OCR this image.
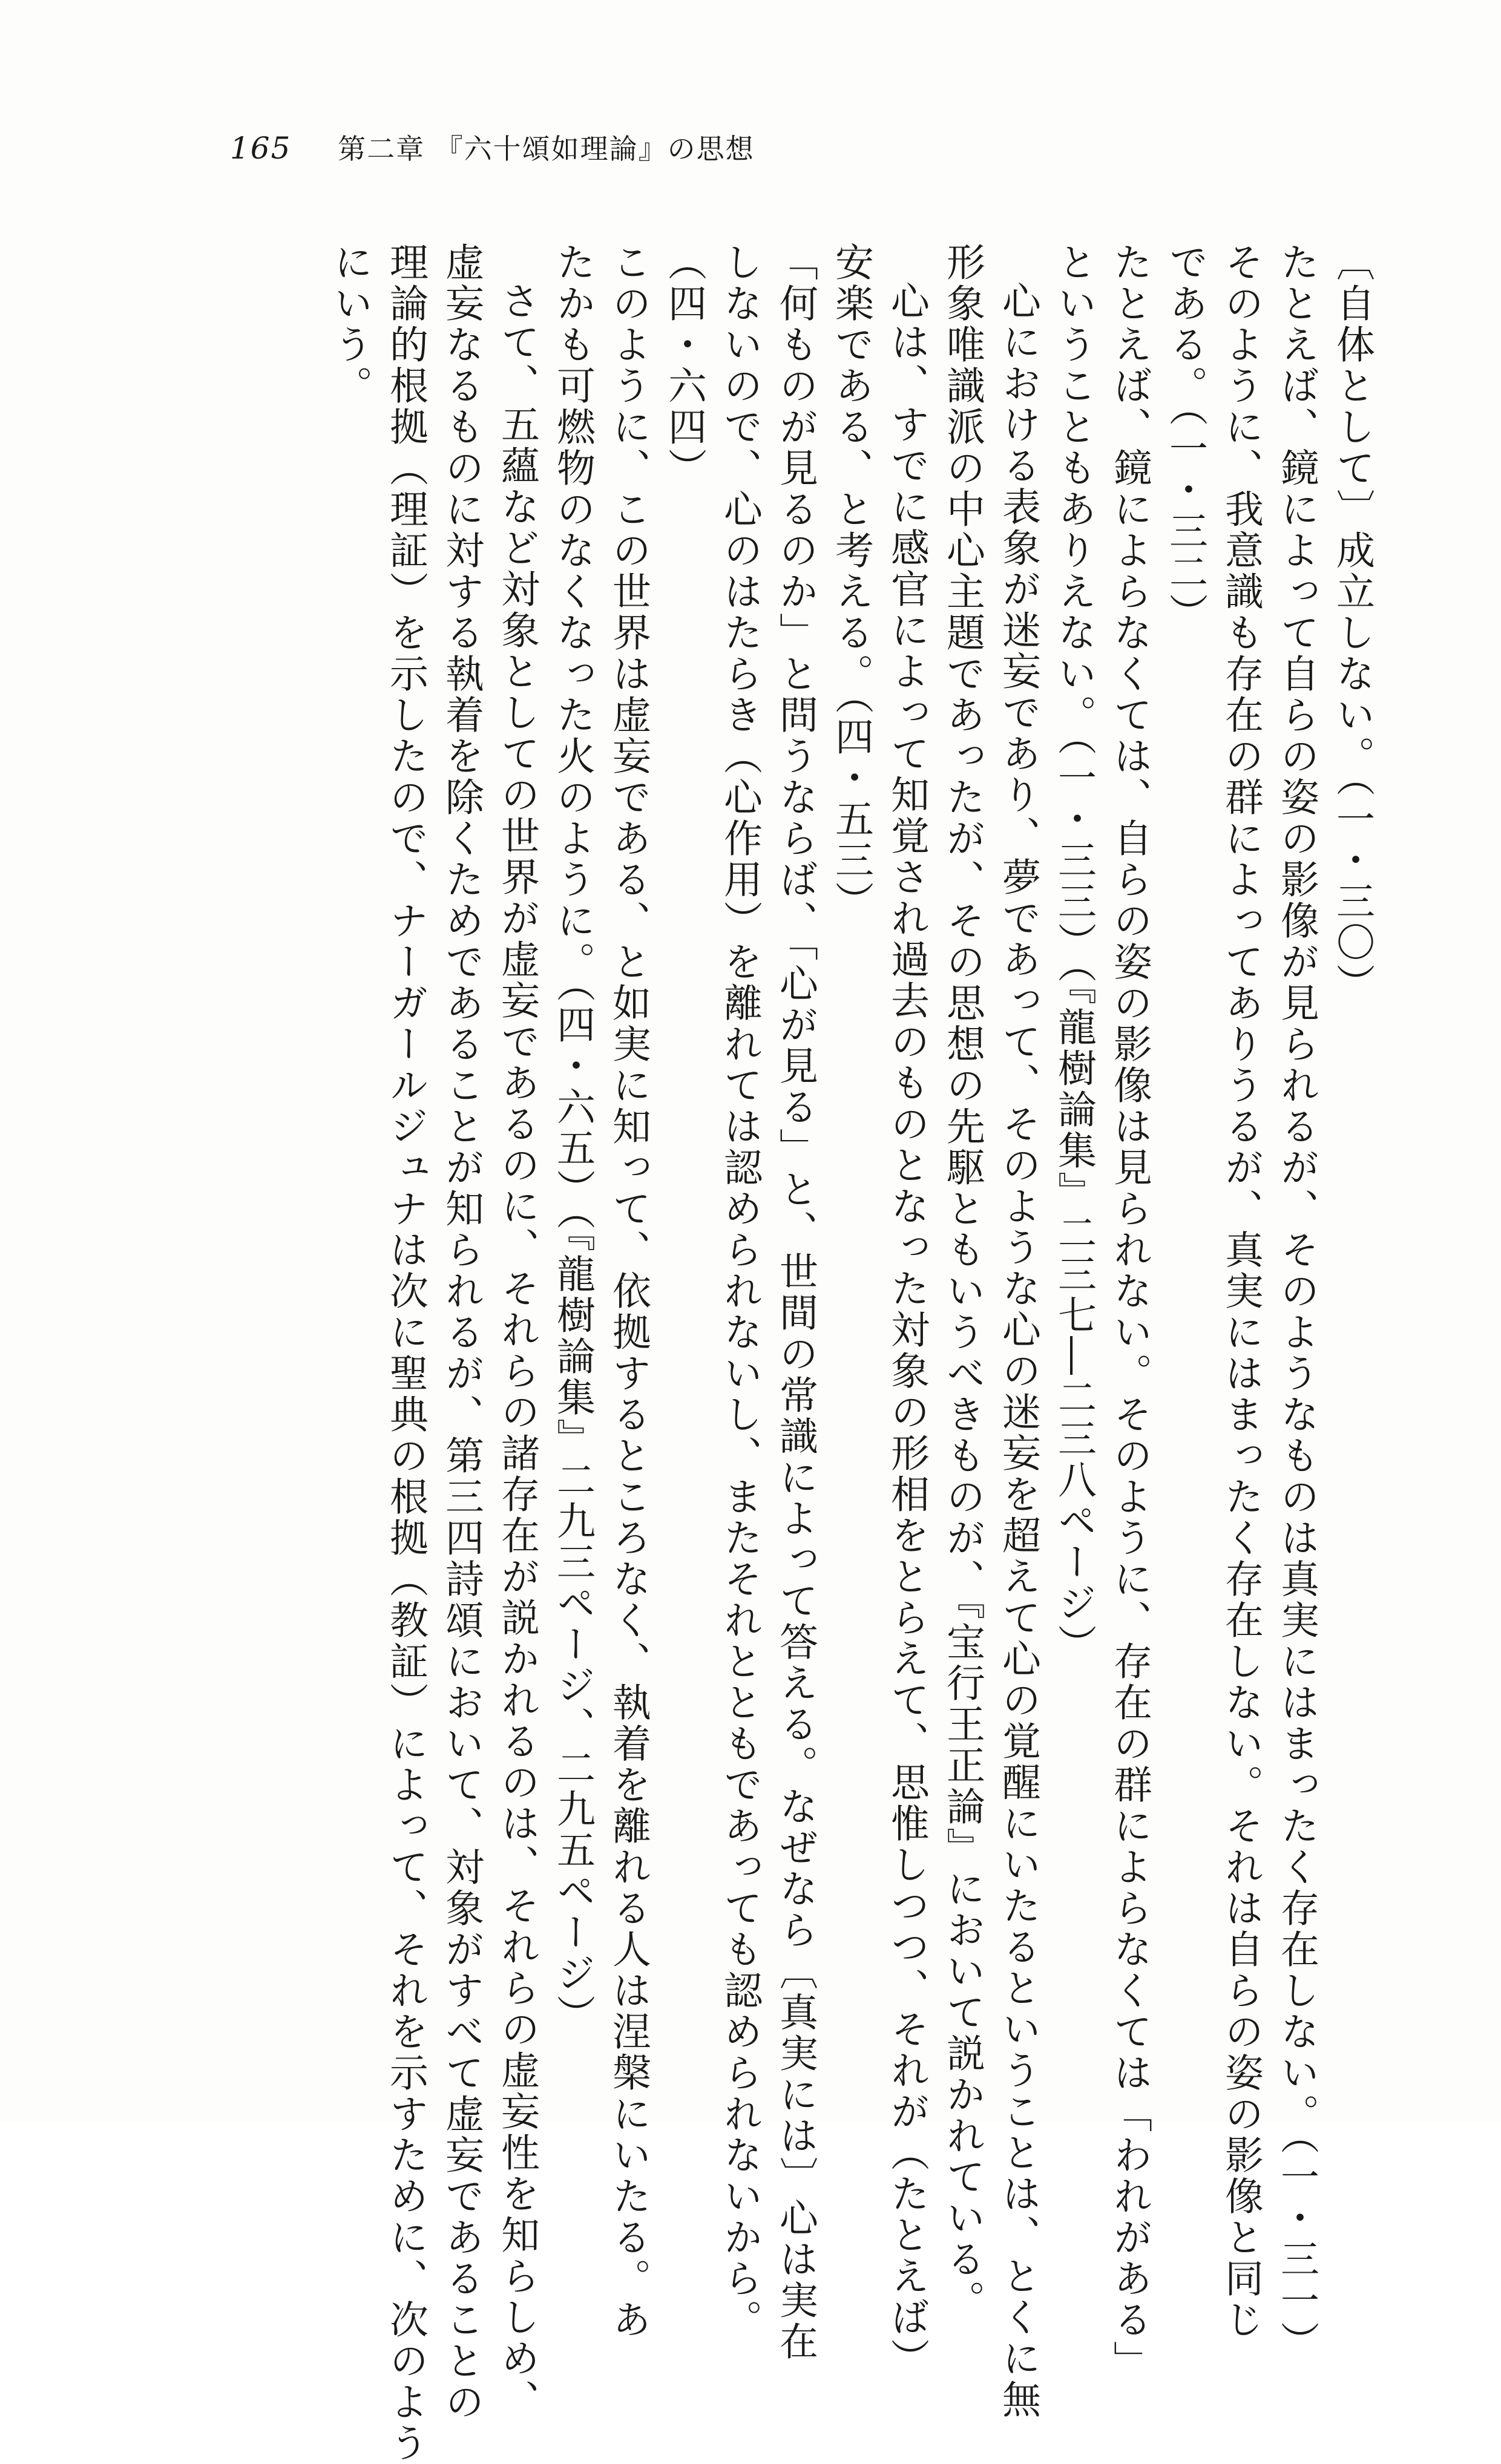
165 第二章 『六十頌如理論』の思想
〔自体として〕成立しない。（一・三〇）
たとえば、鏡によって自らの姿の影像が見られるが、そのようなものは真実にはまったく存在しない。（一・三一）
そのように、我意識も存在の群によってありうるが、真実にはまったく存在しない。それは自らの姿の影像と同じ
である。（一・三二）
たとえば、鏡によらなくては、自らの姿の影像は見られない。そのように、存在の群によらなくては「われがある」
ということもありえない。（一・三三）（『龍樹論集』二三七―二三八ページ）
心における表象が迷妄であり、夢であって、そのような心の迷妄を超えて心の覚醒にいたるということは、とくに無
形象唯識派の中心主題であったが、その思想の先駆ともいうべきものが、『宝行王正論』において説かれている。
心は、すでに感官によって知覚され過去のものとなった対象の形相をとらえて、思惟しつつ、それが（たとえば）
安楽である、と考える。（四・五三）
「何ものが見るのか」と問うならば、「心が見る」と、世間の常識によって答える。なぜなら〔真実には〕心は実在
しないので、心のはたらき（心作用）を離れては認められないし、またそれとともであっても認められないから。
（四・六四）
このように、この世界は虚妄である、と如実に知って、依拠するところなく、執着を離れる人は涅槃にいたる。あ
たかも可燃物のなくなった火のように。（四・六五）（『龍樹論集』二九三ページ、二九五ページ）
さて、五蘊など対象としての世界が虚妄であるのに、それらの諸存在が説かれるのは、それらの虚妄性を知らしめ、
虚妄なるものに対する執着を除くためであることが知られるが、第三四詩頌において、対象がすべて虚妄であることの
理論的根拠（理証）を示したので、ナーガールジュナは次に聖典の根拠（教証）によって、それを示すために、次のよう
にいう。
